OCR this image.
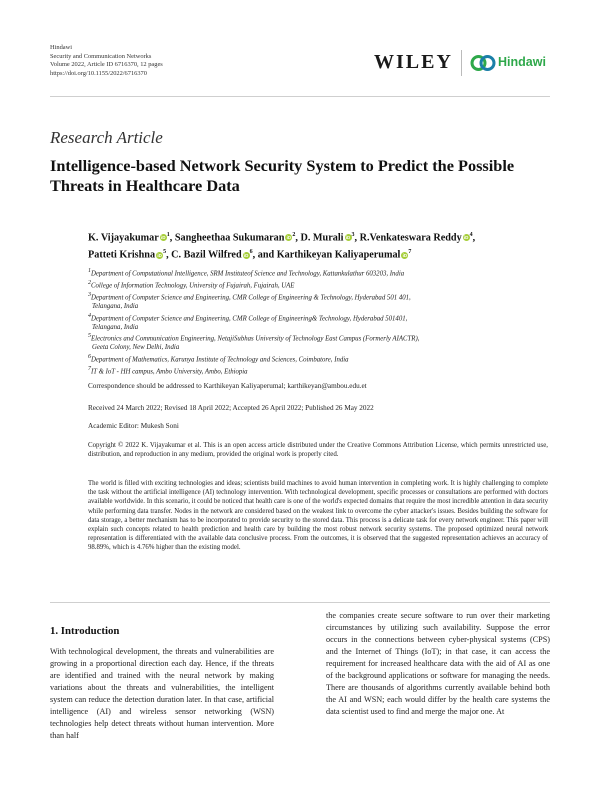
Hindawi
Security and Communication Networks
Volume 2022, Article ID 6716370, 12 pages
https://doi.org/10.1155/2022/6716370
WILEY	Hindawi
Research Article
Intelligence-based Network Security System to Predict the Possible Threats in Healthcare Data
K. Vijayakumar $iD^1$, Sangheethaa Sukumaran $iD^2$, D. Murali $iD^3$, R.Venkateswara Reddy $iD^4$,
Patteti Krishna $iD^5$, C. Bazil Wilfred $iD^6$, and Karthikeyan Kaliyaperumal $iD^7$
$^1$Department of Computational Intelligence, SRM Instituteof Science and Technology, Kattankulathur 603203, India
$^2$College of Information Technology, University of Fujairah, Fujairah, UAE
$^3$Department of Computer Science and Engineering, CMR College of Engineering & Technology, Hyderabad 501 401,
Telangana, India
$^4$Department of Computer Science and Engineering, CMR College of Engineering& Technology, Hyderabad 501401,
Telangana, India
$^5$Electronics and Communication Engineering, NetajiSubhas University of Technology East Campus (Formerly AIACTR),
Geeta Colony, New Delhi, India
$^6$Department of Mathematics, Karunya Institute of Technology and Sciences, Coimbatore, India
$^7$IT & IoT - HH campus, Ambo University, Ambo, Ethiopia
Correspondence should be addressed to Karthikeyan Kaliyaperumal; karthikeyan@ambou.edu.et
Received 24 March 2022; Revised 18 April 2022; Accepted 26 April 2022; Published 26 May 2022
Academic Editor: Mukesh Soni
Copyright © 2022 K. Vijayakumar et al. This is an open access article distributed under the Creative Commons Attribution License, which permits unrestricted use, distribution, and reproduction in any medium, provided the original work is properly cited.
The world is filled with exciting technologies and ideas; scientists build machines to avoid human intervention in completing work. It is highly challenging to complete the task without the artificial intelligence (AI) technology intervention. With technological development, specific processes or consultations are performed with doctors available worldwide. In this scenario, it could be noticed that health care is one of the world's expected domains that require the most incredible attention in data security while performing data transfer. Nodes in the network are considered based on the weakest link to overcome the cyber attacker's issues. Besides building the software for data storage, a better mechanism has to be incorporated to provide security to the stored data. This process is a delicate task for every network engineer. This paper will explain such concepts related to health prediction and health care by building the most robust network security systems. The proposed optimized neural network representation is differentiated with the available data conclusive process. From the outcomes, it is observed that the suggested representation achieves an accuracy of 98.89%, which is 4.76% higher than the existing model.
1. Introduction
With technological development, the threats and vulnerabilities are growing in a proportional direction each day. Hence, if the threats are identified and trained with the neural network by making variations about the threats and vulnerabilities, the intelligent system can reduce the detection duration later. In that case, artificial intelligence (AI) and wireless sensor networking (WSN) technologies help detect threats without human intervention. More than half
the companies create secure software to run over their marketing circumstances by utilizing such availability. Suppose the error occurs in the connections between cyber-physical systems (CPS) and the Internet of Things (IoT); in that case, it can access the requirement for increased healthcare data with the aid of AI as one of the background applications or software for managing the needs. There are thousands of algorithms currently available behind both the AI and WSN; each would differ by the health care systems the data scientist used to find and merge the major one. At
